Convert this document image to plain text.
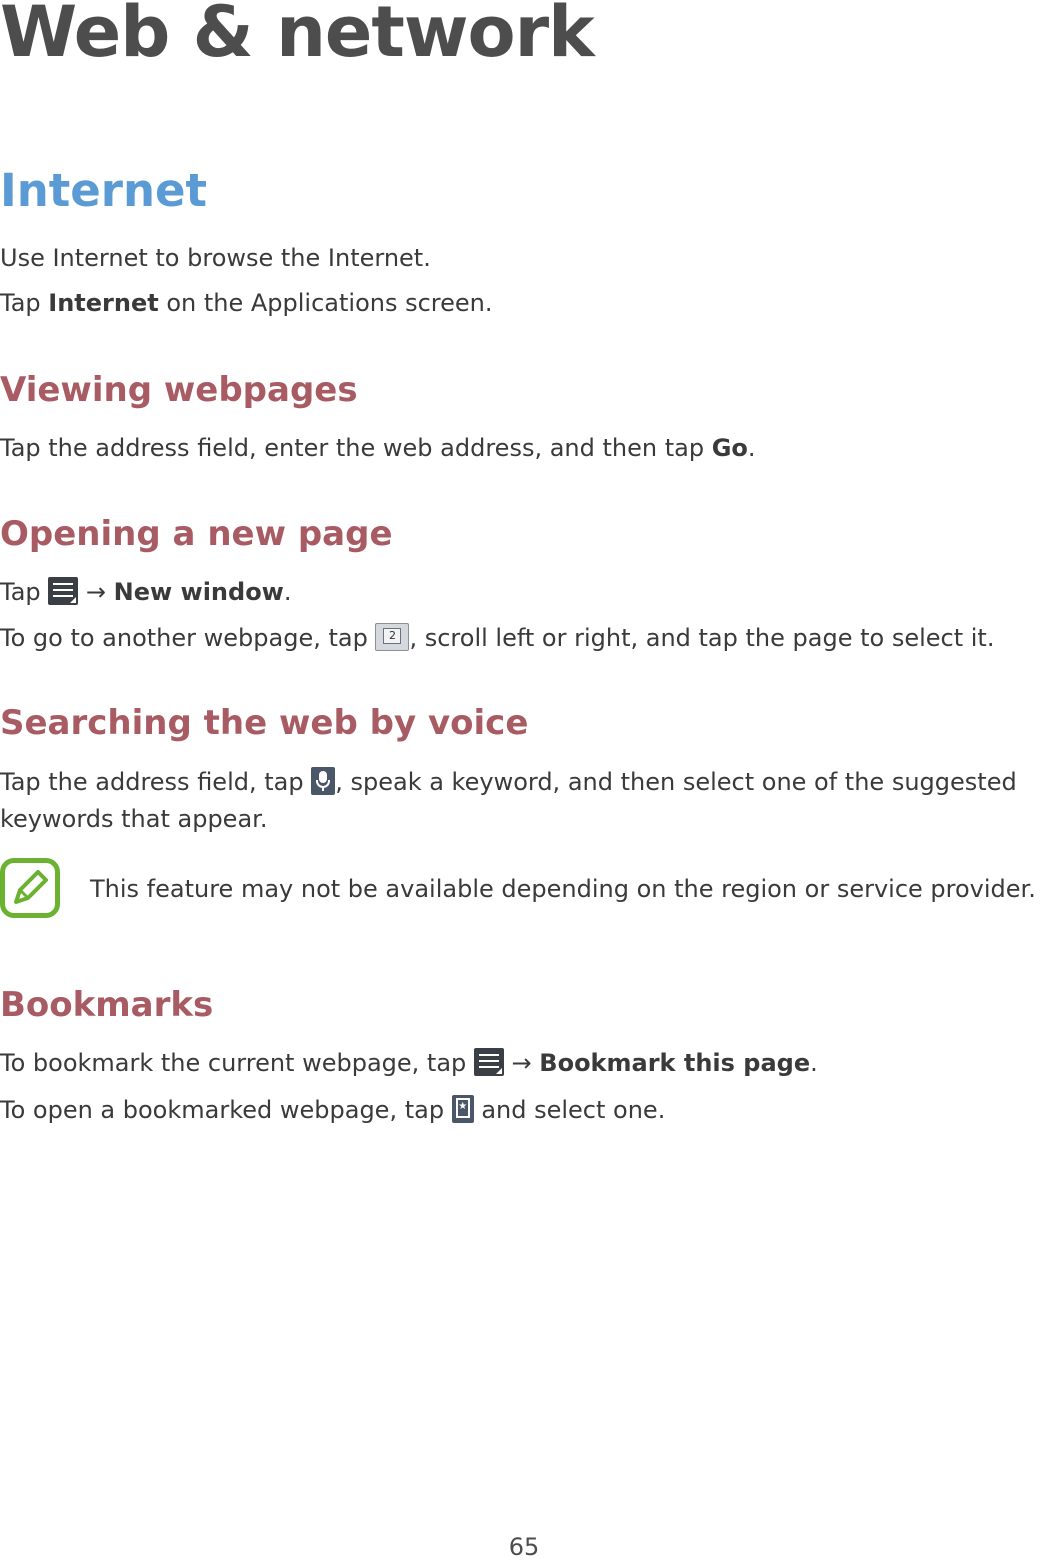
Web & network
Internet

Use Internet to browse the Internet.

Tap Internet on the Applications screen.

Viewing webpages

Tap the address field, enter the web address, and then tap Go.

Opening a new page

Tap
→ New window.

To go to another webpage, tap	2 , scroll left or right, and tap the page to select it.

Searching the web by voice

Tap the address field, tap
, speak a keyword, and then select one of the suggested keywords that appear.

This feature may not be available depending on the region or service provider.

Bookmarks

To bookmark the current webpage, tap
→ Bookmark this page.

To open a bookmarked webpage, tap ★ and select one.

65
